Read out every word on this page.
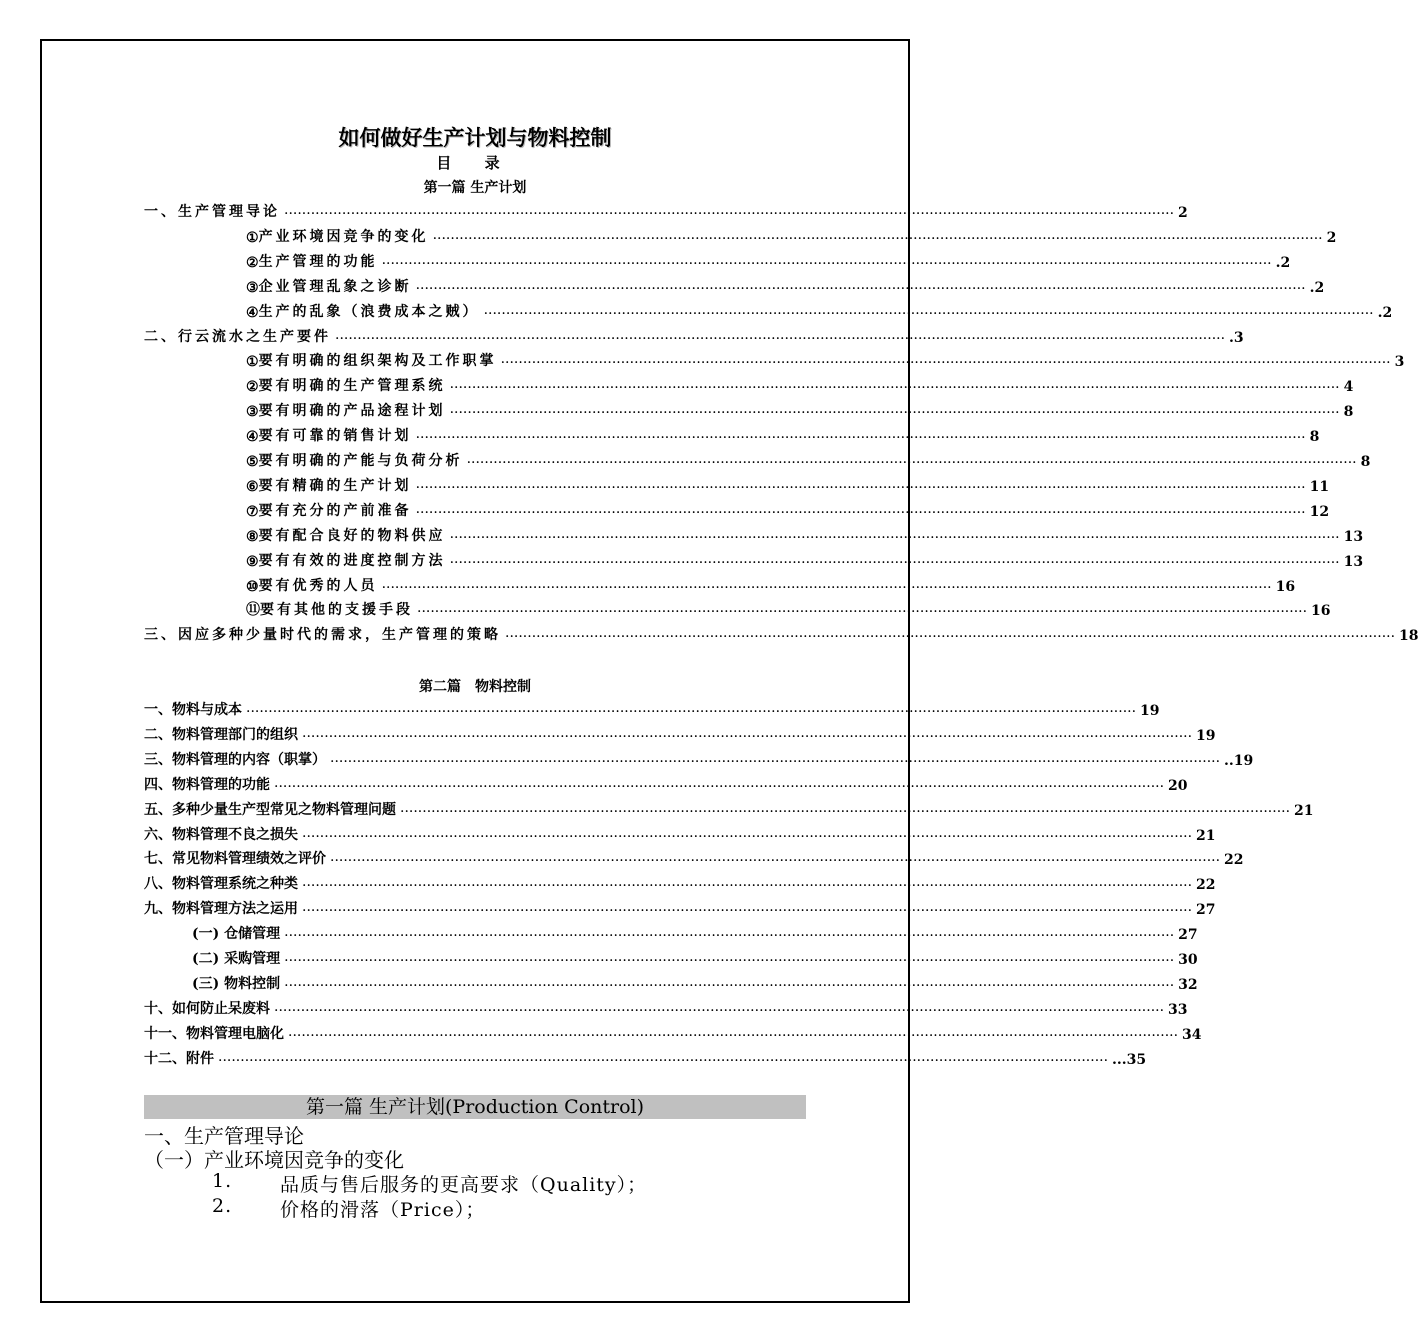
如何做好生产计划与物料控制
目 录
第一篇 生产计划
一、生产管理导论 ········································································································································································································ 2
① 产业环境因竞争的变化 ········································································································································································································ 2
② 生产管理的功能 ········································································································································································································ .2
③ 企业管理乱象之诊断 ········································································································································································································ .2
④ 生产的乱象（浪费成本之贼） ········································································································································································································ .2
二、行云流水之生产要件 ········································································································································································································ .3
① 要有明确的组织架构及工作职掌 ········································································································································································································ 3
② 要有明确的生产管理系统 ········································································································································································································ 4
③ 要有明确的产品途程计划 ········································································································································································································ 8
④ 要有可靠的销售计划 ········································································································································································································ 8
⑤ 要有明确的产能与负荷分析 ········································································································································································································ 8
⑥ 要有精确的生产计划 ········································································································································································································ 11
⑦ 要有充分的产前准备 ········································································································································································································ 12
⑧ 要有配合良好的物料供应 ········································································································································································································ 13
⑨ 要有有效的进度控制方法 ········································································································································································································ 13
⑩ 要有优秀的人员 ········································································································································································································ 16
⑪ 要有其他的支援手段 ········································································································································································································ 16
三、因应多种少量时代的需求，生产管理的策略 ········································································································································································································ 18
第二篇　物料控制
一、物料与成本 ········································································································································································································ 19
二、物料管理部门的组织 ········································································································································································································ 19
三、物料管理的内容（职掌） ········································································································································································································ ..19
四、物料管理的功能 ········································································································································································································ 20
五、多种少量生产型常见之物料管理问题 ········································································································································································································ 21
六、物料管理不良之损失 ········································································································································································································ 21
七、常见物料管理绩效之评价 ········································································································································································································ 22
八、物料管理系统之种类 ········································································································································································································ 22
九、物料管理方法之运用 ········································································································································································································ 27
(一) 仓储管理 ········································································································································································································ 27
(二) 采购管理 ········································································································································································································ 30
(三) 物料控制 ········································································································································································································ 32
十、如何防止呆废料 ········································································································································································································ 33
十一、物料管理电脑化 ········································································································································································································ 34
十二、附件 ········································································································································································································ ...35
第一篇 生产计划(Production Control)
一、生产管理导论
（一）产业环境因竞争的变化
1.	品质与售后服务的更高要求（Quality）；
2.	价格的滑落（Price）；
